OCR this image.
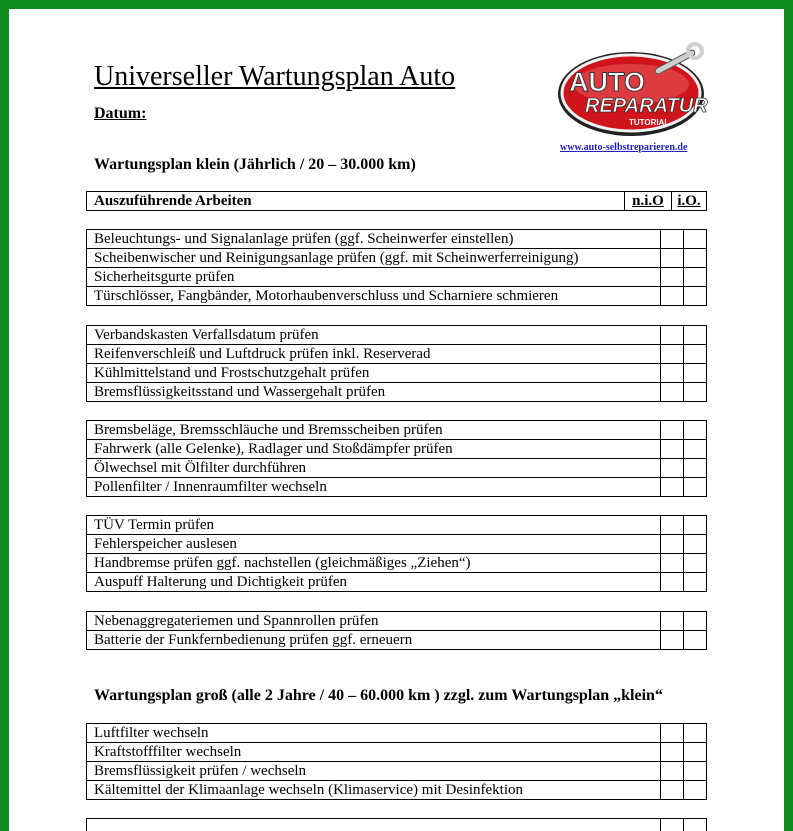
Universeller Wartungsplan Auto
Datum:
AUTO
REPARATUR
TUTORIAL
www.auto-selbstreparieren.de
Wartungsplan klein (Jährlich / 20 – 30.000 km)
Auszuführende Arbeiten	n.i.O	i.O.
Beleuchtungs- und Signalanlage prüfen (ggf. Scheinwerfer einstellen)		
Scheibenwischer und Reinigungsanlage prüfen (ggf. mit Scheinwerferreinigung)		
Sicherheitsgurte prüfen		
Türschlösser, Fangbänder, Motorhaubenverschluss und Scharniere schmieren		
Verbandskasten Verfallsdatum prüfen		
Reifenverschleiß und Luftdruck prüfen inkl. Reserverad		
Kühlmittelstand und Frostschutzgehalt prüfen		
Bremsflüssigkeitsstand und Wassergehalt prüfen		
Bremsbeläge, Bremsschläuche und Bremsscheiben prüfen		
Fahrwerk (alle Gelenke), Radlager und Stoßdämpfer prüfen		
Ölwechsel mit Ölfilter durchführen		
Pollenfilter / Innenraumfilter wechseln		
TÜV Termin prüfen		
Fehlerspeicher auslesen		
Handbremse prüfen ggf. nachstellen (gleichmäßiges „Ziehen“)		
Auspuff Halterung und Dichtigkeit prüfen		
Nebenaggregateriemen und Spannrollen prüfen		
Batterie der Funkfernbedienung prüfen ggf. erneuern		
Wartungsplan groß (alle 2 Jahre / 40 – 60.000 km ) zzgl. zum Wartungsplan „klein“
Luftfilter wechseln		
Kraftstofffilter wechseln		
Bremsflüssigkeit prüfen / wechseln		
Kältemittel der Klimaanlage wechseln (Klimaservice) mit Desinfektion		
